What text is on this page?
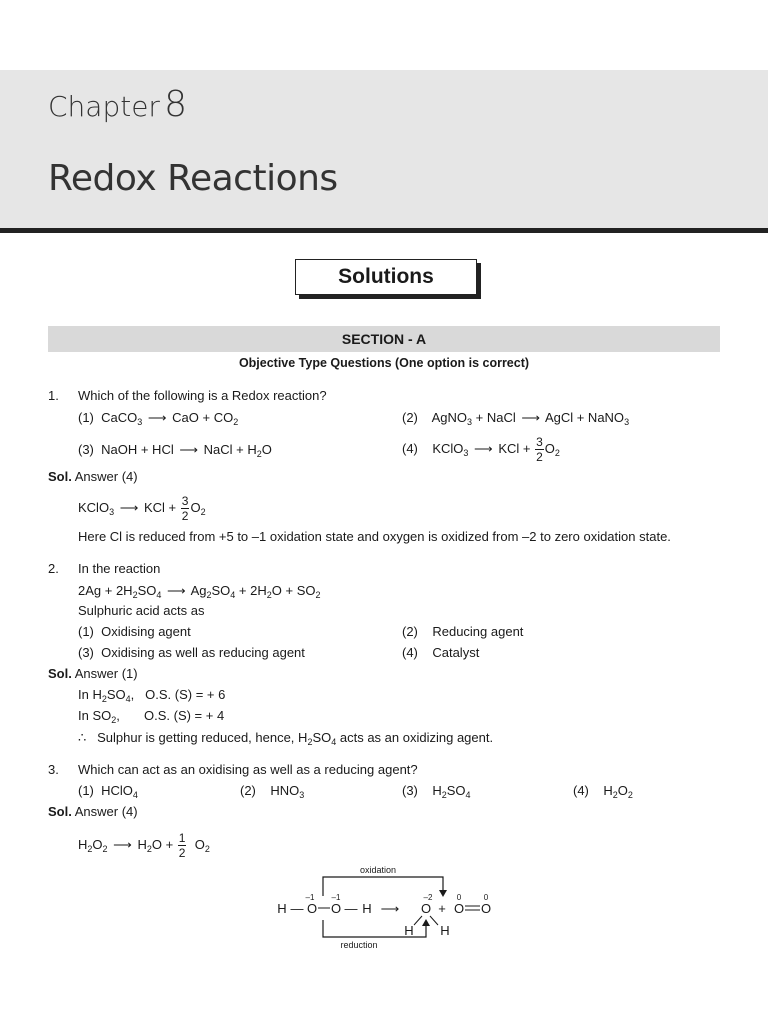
Chapter 8
Redox Reactions
Solutions
SECTION - A
Objective Type Questions (One option is correct)
1. Which of the following is a Redox reaction?
(1) CaCO$_3$ ⟶ CaO + $CO_2$	(2) AgNO$_3$ + NaCl ⟶ AgCl + NaNO$_3$
(3) NaOH + HCl ⟶ NaCl + $H_2O$	(4) KClO$_3$ ⟶ KCl + $\frac{3}{2} O_2$
Sol. Answer (4)
KClO$_3$ ⟶ KCl + $\frac{3}{2} O_2$
Here Cl is reduced from +5 to –1 oxidation state and oxygen is oxidized from –2 to zero oxidation state.
2. In the reaction
$2Ag + 2H_2SO_4$ ⟶ $Ag_2SO_4 + 2H_2O + SO_2$
Sulphuric acid acts as
(1) Oxidising agent	(2) Reducing agent
(3) Oxidising as well as reducing agent	(4) Catalyst
Sol. Answer (1)
In $H_2SO_4$, O.S. (S) = + 6
In $SO_2$, O.S. (S) = + 4
∴ Sulphur is getting reduced, hence, $H_2SO_4$ acts as an oxidizing agent.
3. Which can act as an oxidising as well as a reducing agent?
(1) HClO$_4$	(2) $HNO_3$	(3) $H_2SO_4$	(4) $H_2O_2$
Sol. Answer (4)
$H_2O_2$ ⟶ $H_2O + \frac{1}{2} O_2$
oxidation
–1 –1	–2	0	0
H — O O — H ⟶ O
H H
+ O O
reduction
